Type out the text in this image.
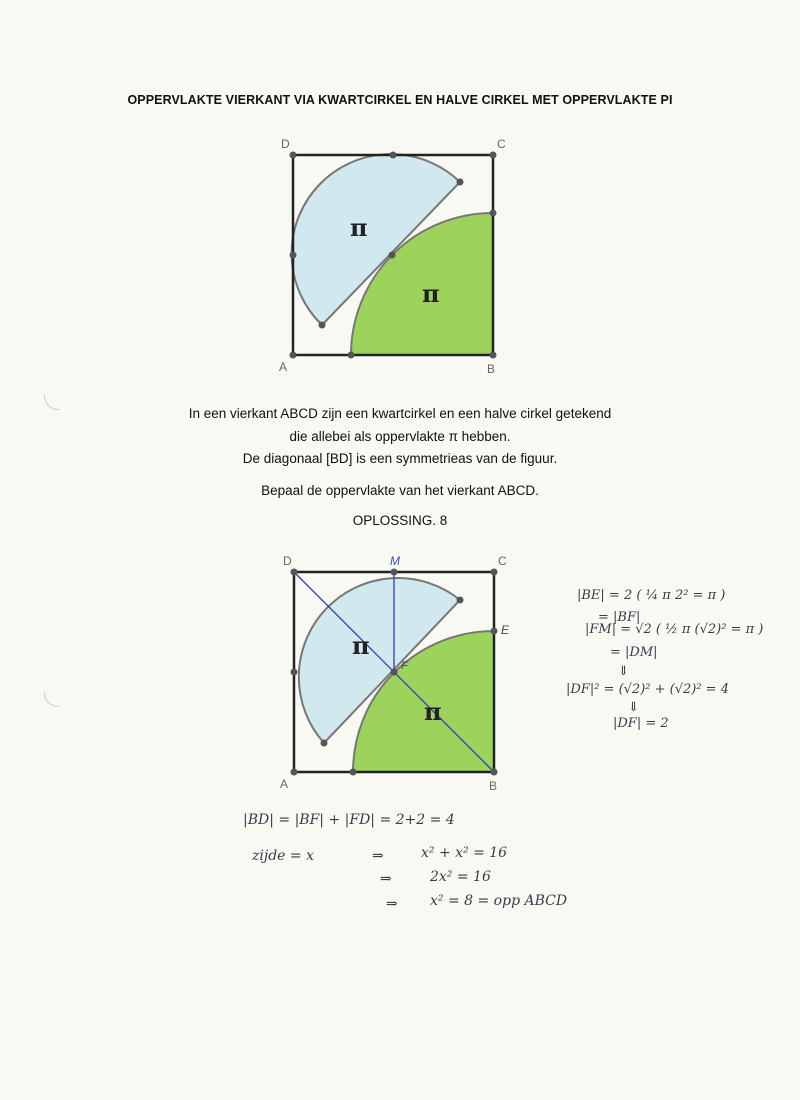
OPPERVLAKTE VIERKANT VIA KWARTCIRKEL EN HALVE CIRKEL MET OPPERVLAKTE PI
π
π
D	C
A	B
In een vierkant ABCD zijn een kwartcirkel en een halve cirkel getekend
die allebei als oppervlakte π hebben.
De diagonaal [BD] is een symmetrieas van de figuur.
Bepaal de oppervlakte van het vierkant ABCD.
OPLOSSING. 8
π
π
D	M	C
E
F
A	B
|BE| = 2 ( ¼ π 2² = π )
= |BF|
|FM| = √2 ( ½ π (√2)² = π )
= |DM|
⇓
|DF|² = (√2)² + (√2)² = 4
⇓
|DF| = 2
|BD| = |BF| + |FD| = 2+2 = 4
zijde = x	⇒	x² + x² = 16
⇒	2x² = 16
⇒ x² = 8 = opp ABCD
